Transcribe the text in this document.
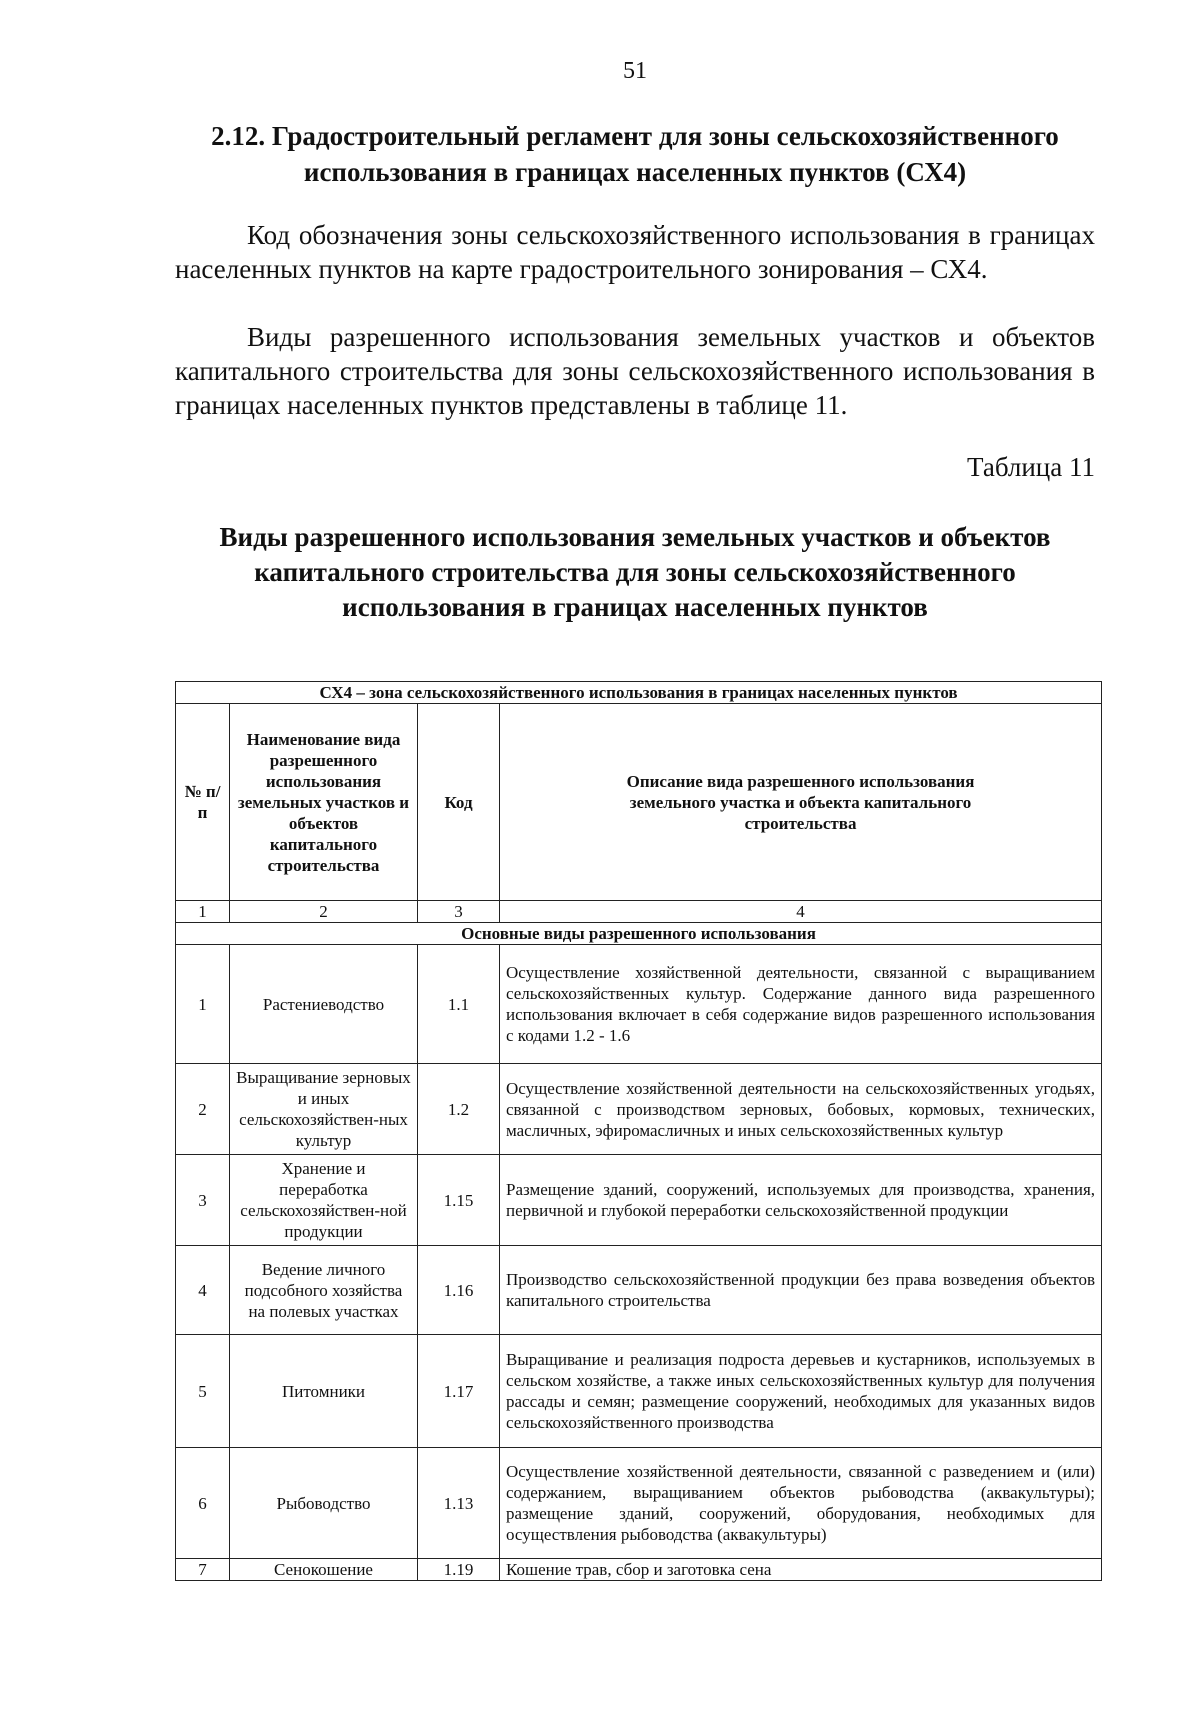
51
2.12. Градостроительный регламент для зоны сельскохозяйственного использования в границах населенных пунктов (СХ4)

Код обозначения зоны сельскохозяйственного использования в границах населенных пунктов на карте градостроительного зонирования – СХ4.

Виды разрешенного использования земельных участков и объектов капитального строительства для зоны сельскохозяйственного использования в границах населенных пунктов представлены в таблице 11.

Таблица 11
Виды разрешенного использования земельных участков и объектов капитального строительства для зоны сельскохозяйственного использования в границах населенных пунктов
СХ4 – зона сельскохозяйственного использования в границах населенных пунктов			
№ п/п	Наименование вида разрешенного использования земельных участков и объектов капитального строительства	Код	Описание вида разрешенного использования земельного участка и объекта капитального строительства
1	2	3	4
Основные виды разрешенного использования			
1	Растениеводство	1.1	Осуществление хозяйственной деятельности, связанной с выращиванием сельскохозяйственных культур. Содержание данного вида разрешенного использования включает в себя содержание видов разрешенного использования с кодами 1.2 - 1.6
2	Выращивание зерновых и иных сельскохозяйствен-ных культур	1.2	Осуществление хозяйственной деятельности на сельскохозяйственных угодьях, связанной с производством зерновых, бобовых, кормовых, технических, масличных, эфиромасличных и иных сельскохозяйственных культур
3	Хранение и переработка сельскохозяйствен-ной продукции	1.15	Размещение зданий, сооружений, используемых для производства, хранения, первичной и глубокой переработки сельскохозяйственной продукции
4	Ведение личного подсобного хозяйства на полевых участках	1.16	Производство сельскохозяйственной продукции без права возведения объектов капитального строительства
5	Питомники	1.17	Выращивание и реализация подроста деревьев и кустарников, используемых в сельском хозяйстве, а также иных сельскохозяйственных культур для получения рассады и семян; размещение сооружений, необходимых для указанных видов сельскохозяйственного производства
6	Рыбоводство	1.13	Осуществление хозяйственной деятельности, связанной с разведением и (или) содержанием, выращиванием объектов рыбоводства (аквакультуры); размещение зданий, сооружений, оборудования, необходимых для осуществления рыбоводства (аквакультуры)
7	Сенокошение	1.19	Кошение трав, сбор и заготовка сена
